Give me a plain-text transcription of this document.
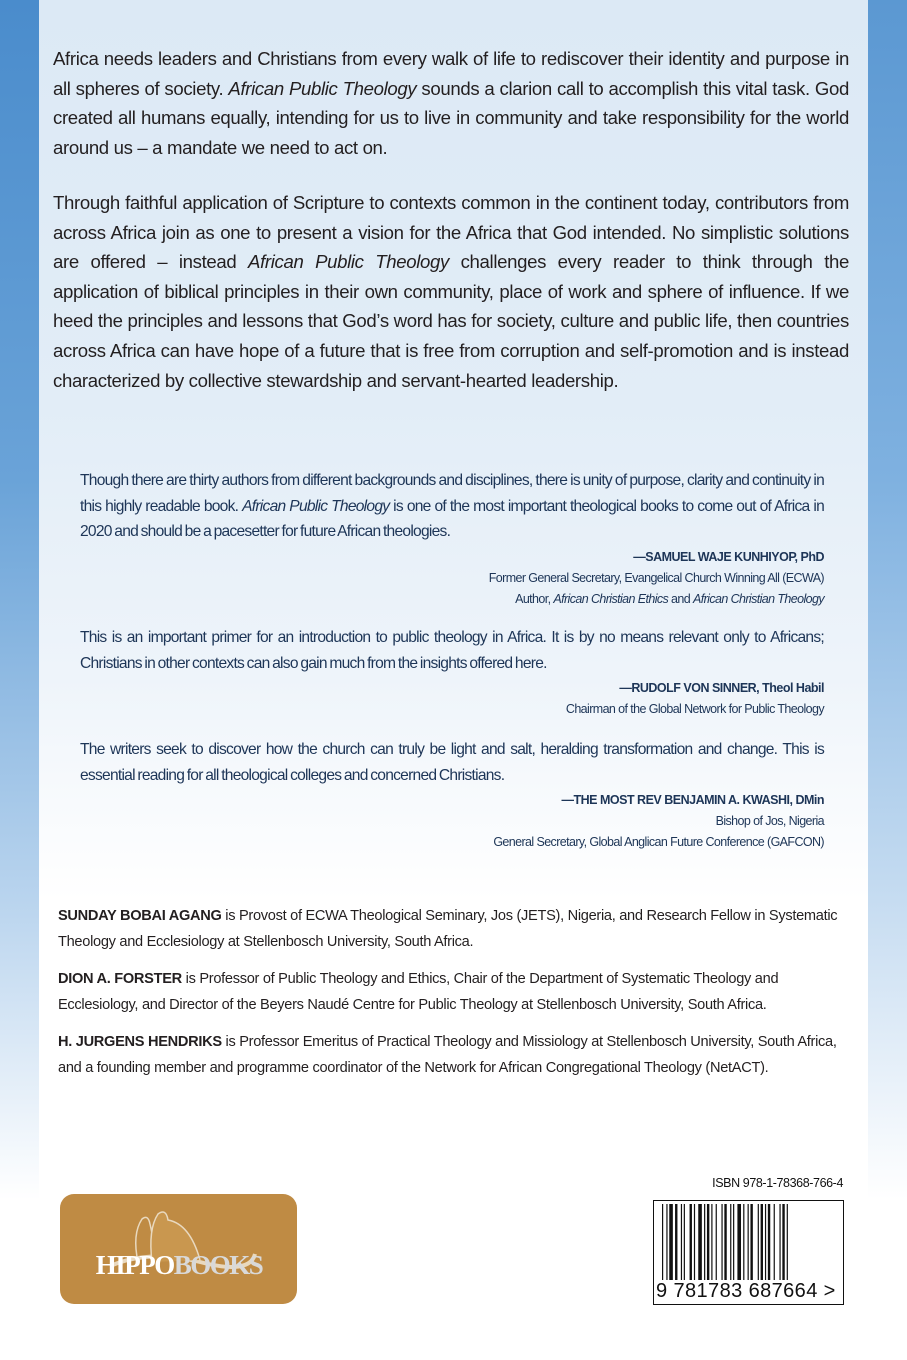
Africa needs leaders and Christians from every walk of life to rediscover their identity and purpose in all spheres of society. African Public Theology sounds a clarion call to accomplish this vital task. God created all humans equally, intending for us to live in community and take responsibility for the world around us – a mandate we need to act on.

Through faithful application of Scripture to contexts common in the continent today, contributors from across Africa join as one to present a vision for the Africa that God intended. No simplistic solutions are offered – instead African Public Theology challenges every reader to think through the application of biblical principles in their own community, place of work and sphere of influence. If we heed the principles and lessons that God’s word has for society, culture and public life, then countries across Africa can have hope of a future that is free from corruption and self-promotion and is instead characterized by collective stewardship and servant-hearted leadership.

Though there are thirty authors from different backgrounds and disciplines, there is unity of purpose, clarity and continuity in this highly readable book. African Public Theology is one of the most important theological books to come out of Africa in 2020 and should be a pacesetter for future African theologies.
—SAMUEL WAJE KUNHIYOP, PhD
Former General Secretary, Evangelical Church Winning All (ECWA)
Author, African Christian Ethics and African Christian Theology
This is an important primer for an introduction to public theology in Africa. It is by no means relevant only to Africans; Christians in other contexts can also gain much from the insights offered here.
—RUDOLF VON SINNER, Theol Habil
Chairman of the Global Network for Public Theology
The writers seek to discover how the church can truly be light and salt, heralding transformation and change. This is essential reading for all theological colleges and concerned Christians.
—THE MOST REV BENJAMIN A. KWASHI, DMin
Bishop of Jos, Nigeria
General Secretary, Global Anglican Future Conference (GAFCON)
SUNDAY BOBAI AGANG is Provost of ECWA Theological Seminary, Jos (JETS), Nigeria, and Research Fellow in Systematic Theology and Ecclesiology at Stellenbosch University, South Africa.
DION A. FORSTER is Professor of Public Theology and Ethics, Chair of the Department of Systematic Theology and Ecclesiology, and Director of the Beyers Naudé Centre for Public Theology at Stellenbosch University, South Africa.
H. JURGENS HENDRIKS is Professor Emeritus of Practical Theology and Missiology at Stellenbosch University, South Africa, and a founding member and programme coordinator of the Network for African Congregational Theology (NetACT).
HIPPOBOOKS
ISBN 978-1-78368-766-4
9 781783 687664 >
